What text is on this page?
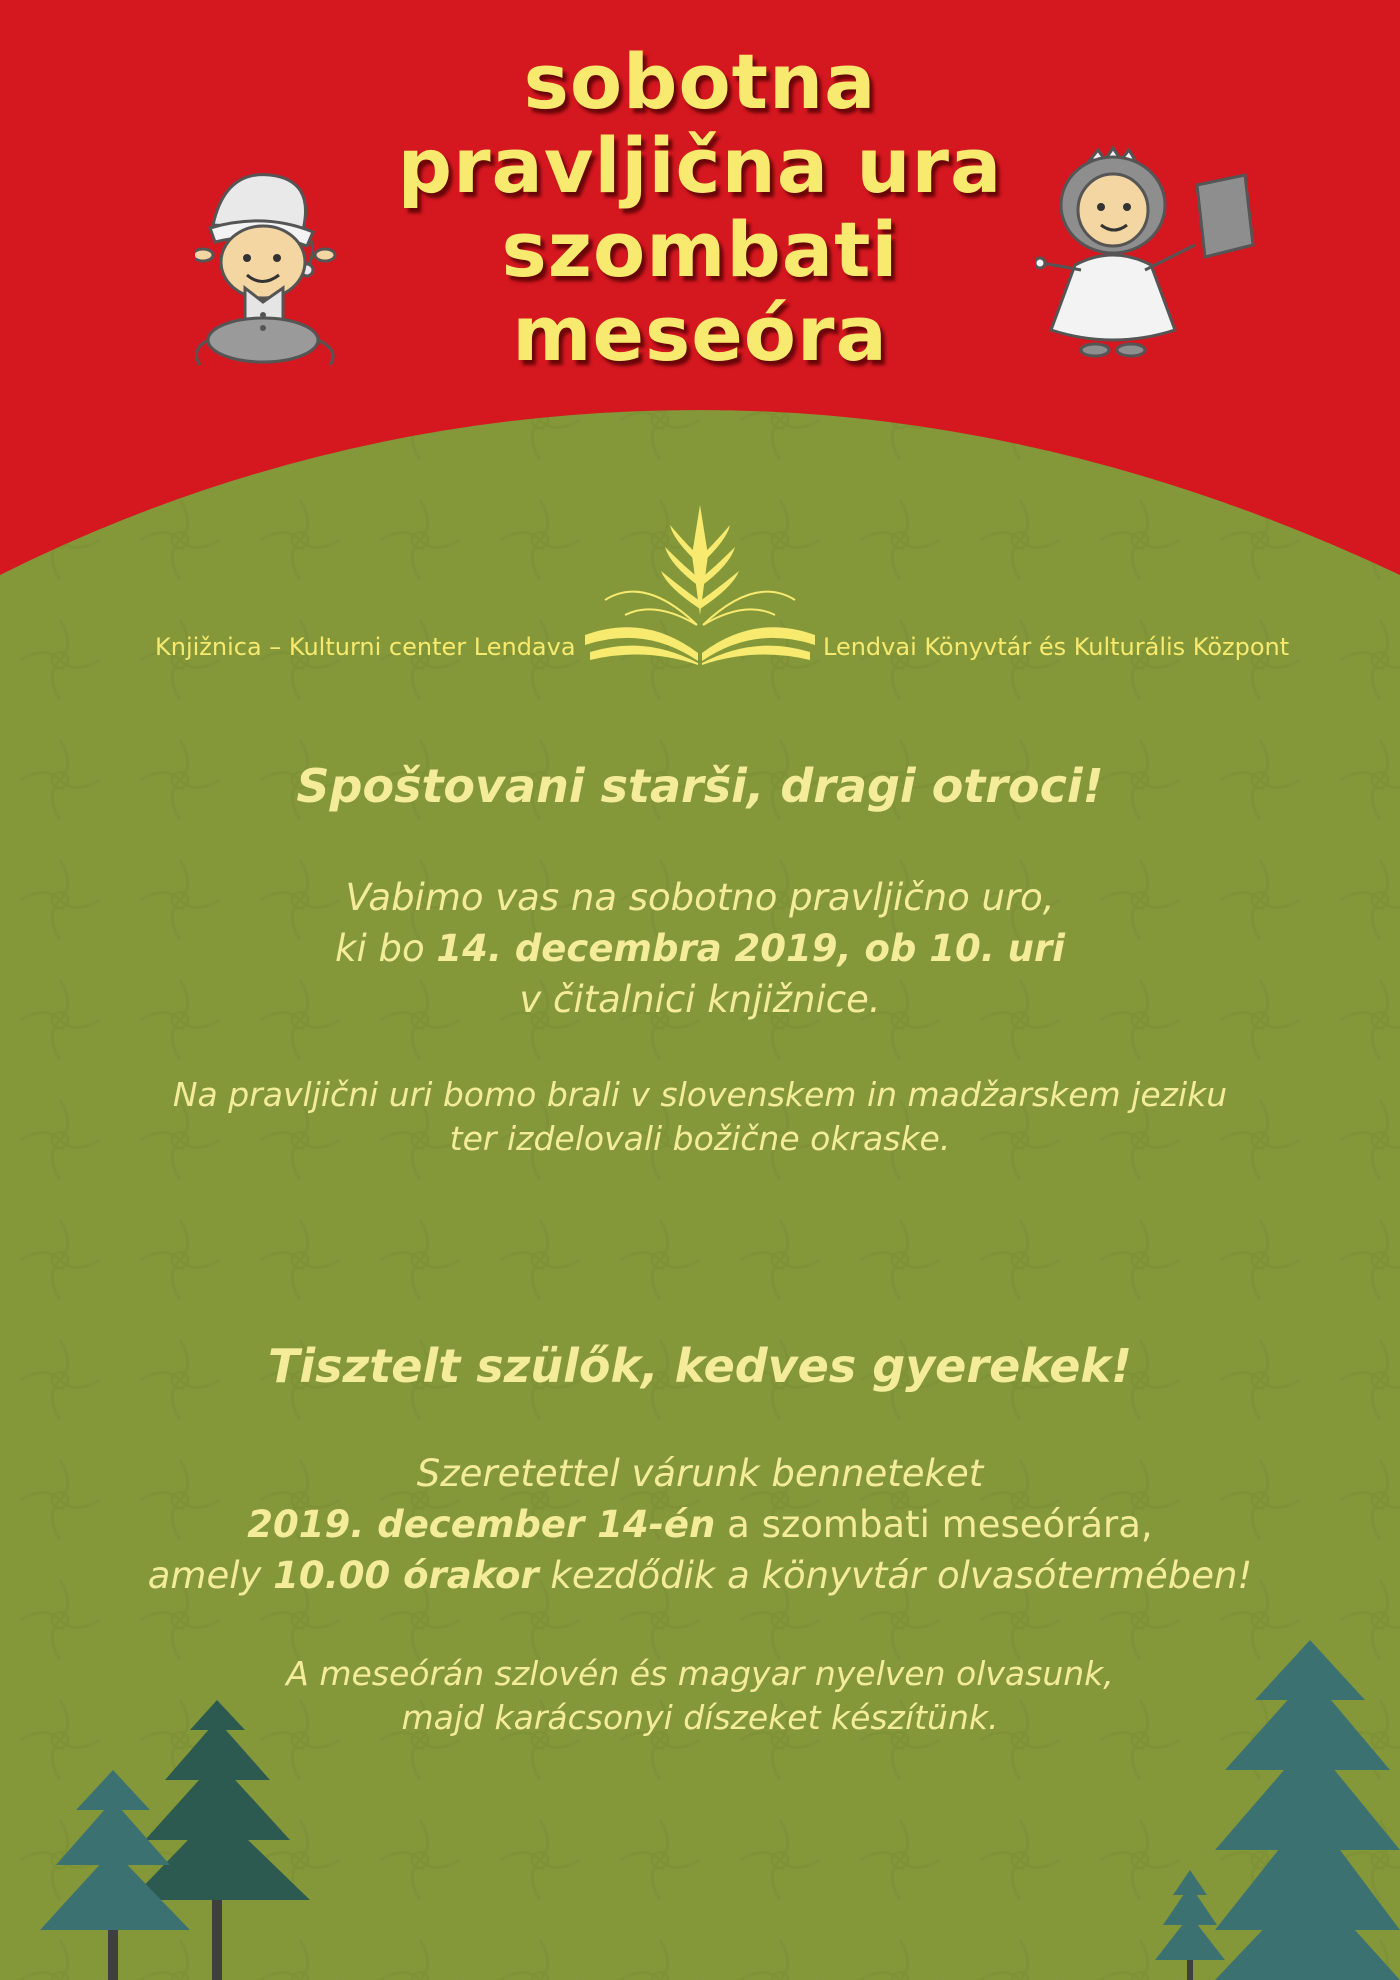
sobotna
pravljična ura
szombati
meseóra
Knjižnica – Kulturni center Lendava	Lendvai Könyvtár és Kulturális Központ

Spoštovani starši, dragi otroci!

Vabimo vas na sobotno pravljično uro,

ki bo 14. decembra 2019, ob 10. uri

v čitalnici knjižnice.

Na pravljični uri bomo brali v slovenskem in madžarskem jeziku

ter izdelovali božične okraske.

Tisztelt szülők, kedves gyerekek!

Szeretettel várunk benneteket

2019. december 14-én a szombati meseórára,

amely 10.00 órakor kezdődik a könyvtár olvasótermében!

A meseórán szlovén és magyar nyelven olvasunk,

majd karácsonyi díszeket készítünk.
